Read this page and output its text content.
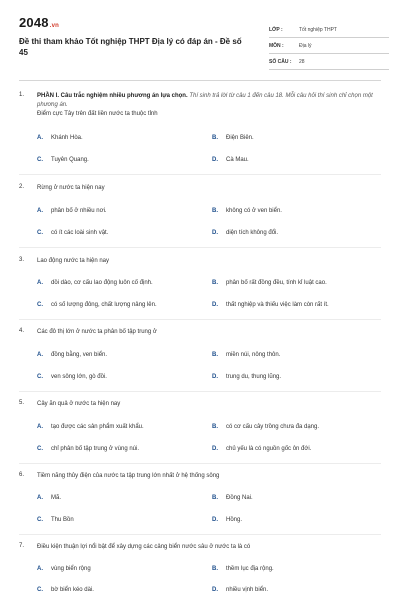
2048.vn
Đề thi tham khảo Tốt nghiệp THPT Địa lý có đáp án - Đề số 45
LỚP :	Tốt nghiệp THPT
MÔN :	Địa lý
SỐ CÂU :	28
1. PHẦN I. Câu trắc nghiệm nhiều phương án lựa chọn. Thí sinh trả lời từ câu 1 đến câu 18. Mỗi câu hỏi thí sinh chỉ chọn một phương án.
Điểm cực Tây trên đất liền nước ta thuộc tỉnh
A. Khánh Hòa.	B. Điện Biên.
C. Tuyên Quang.	D. Cà Mau.
2. Rừng ở nước ta hiện nay
A. phân bố ở nhiều nơi.	B. không có ở ven biển.
C. có ít các loài sinh vật.	D. diện tích không đổi.
3. Lao động nước ta hiện nay
A. dồi dào, cơ cấu lao động luôn cố định.	B. phân bố rất đồng đều, tính kỉ luật cao.
C. có số lượng đông, chất lượng nâng lên.	D. thất nghiệp và thiếu việc làm còn rất ít.
4. Các đô thị lớn ở nước ta phân bố tập trung ở
A. đồng bằng, ven biển.	B. miền núi, nông thôn.
C. ven sông lớn, gò đồi.	D. trung du, thung lũng.
5. Cây ăn quả ở nước ta hiện nay
A. tạo được các sản phẩm xuất khẩu.	B. có cơ cấu cây trồng chưa đa dạng.
C. chỉ phân bố tập trung ở vùng núi.	D. chủ yếu là có nguồn gốc ôn đới.
6. Tiềm năng thủy điện của nước ta tập trung lớn nhất ở hệ thống sông
A. Mã.	B. Đồng Nai.
C. Thu Bồn	D. Hồng.
7. Điều kiện thuận lợi nổi bật để xây dựng các cảng biển nước sâu ở nước ta là có
A. vùng biển rộng	B. thềm lục địa rộng.
C. bờ biển kéo dài.	D. nhiều vịnh biển.
